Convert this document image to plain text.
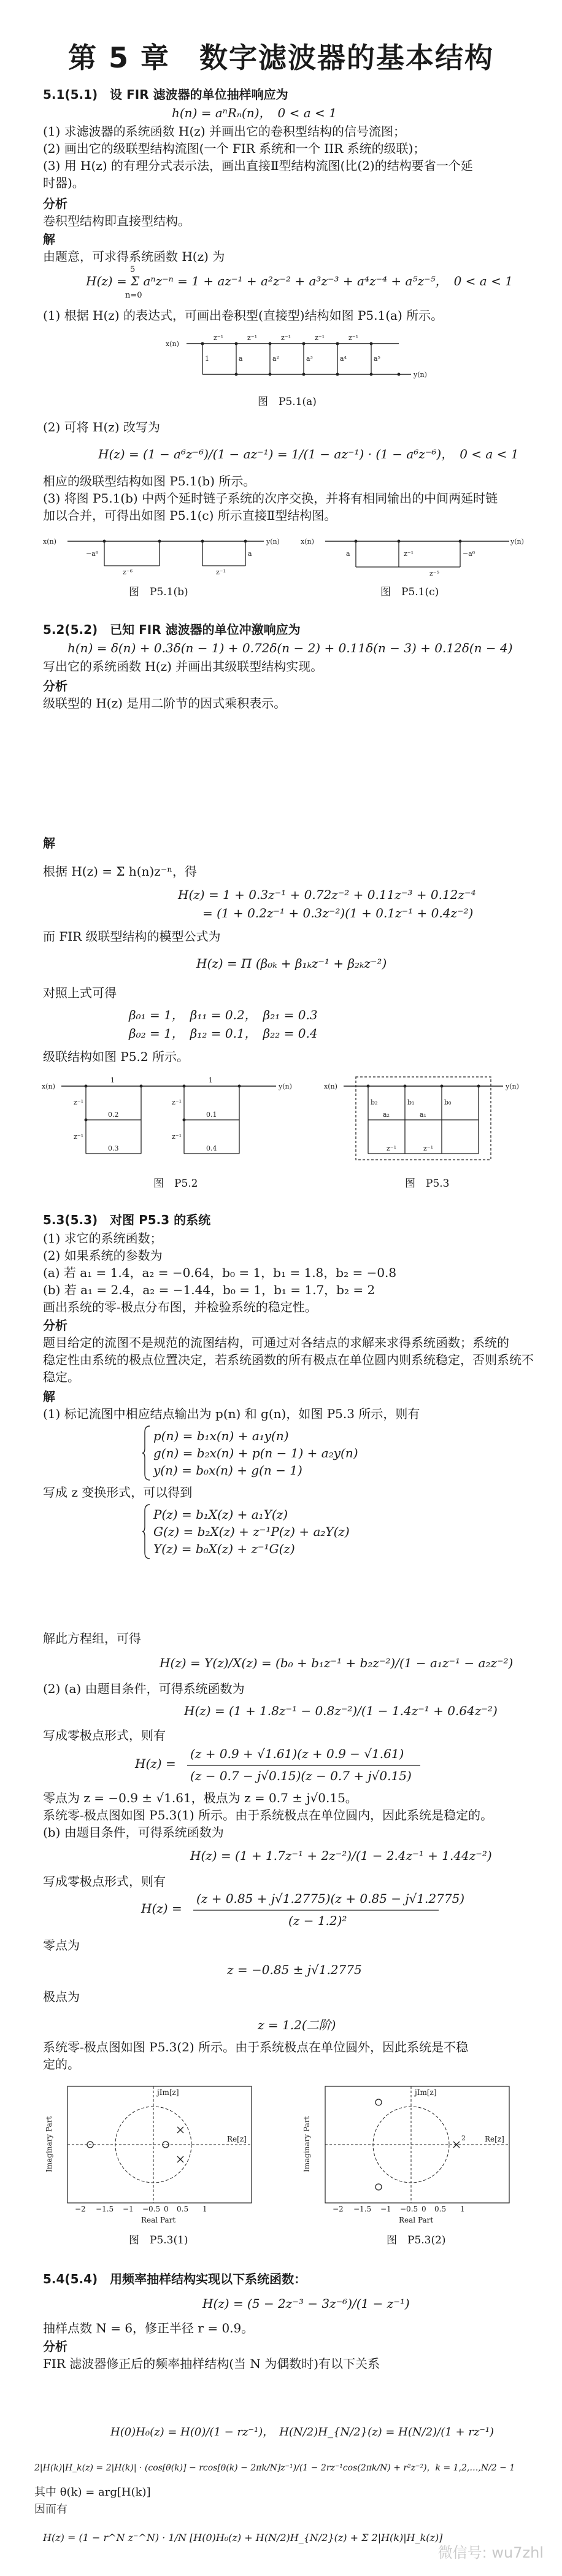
第 5 章　数字滤波器的基本结构
5.1(5.1)　设 FIR 滤波器的单位抽样响应为
h(n) = aⁿRₙ(n)，　0 < a < 1
(1) 求滤波器的系统函数 H(z) 并画出它的卷积型结构的信号流图；
(2) 画出它的级联型结构流图(一个 FIR 系统和一个 IIR 系统的级联)；
(3) 用 H(z) 的有理分式表示法，画出直接Ⅱ型结构流图(比(2)的结构要省一个延
时器)。
分析
卷积型结构即直接型结构。
解
由题意，可求得系统函数 H(z) 为
5
H(z) = Σ aⁿz⁻ⁿ = 1 + az⁻¹ + a²z⁻² + a³z⁻³ + a⁴z⁻⁴ + a⁵z⁻⁵，　0 < a < 1
n=0
(1) 根据 H(z) 的表达式，可画出卷积型(直接型)结构如图 P5.1(a) 所示。
z⁻¹	z⁻¹	z⁻¹	z⁻¹	z⁻¹
1	a	a²	a³	a⁴	a⁵
x(n)
y(n)
图　P5.1(a)
(2) 可将 H(z) 改写为
H(z) = (1 − a⁶z⁻⁶)/(1 − az⁻¹) = 1/(1 − az⁻¹) · (1 − a⁶z⁻⁶)，　0 < a < 1
相应的级联型结构如图 P5.1(b) 所示。
(3) 将图 P5.1(b) 中两个延时链子系统的次序交换，并将有相同输出的中间两延时链
加以合并，可得出如图 P5.1(c) 所示直接Ⅱ型结构图。
x(n)	y(n)
z⁻⁶	z⁻¹
−a⁶	a
x(n)	y(n)
z⁻¹
z⁻⁵
a	−a⁶
图　P5.1(b)	图　P5.1(c)
5.2(5.2)　已知 FIR 滤波器的单位冲激响应为
h(n) = δ(n) + 0.3δ(n − 1) + 0.72δ(n − 2) + 0.11δ(n − 3) + 0.12δ(n − 4)
写出它的系统函数 H(z) 并画出其级联型结构实现。
分析
级联型的 H(z) 是用二阶节的因式乘积表示。
解
根据 H(z) = Σ h(n)z⁻ⁿ，得
H(z) = 1 + 0.3z⁻¹ + 0.72z⁻² + 0.11z⁻³ + 0.12z⁻⁴
= (1 + 0.2z⁻¹ + 0.3z⁻²)(1 + 0.1z⁻¹ + 0.4z⁻²)
而 FIR 级联型结构的模型公式为
H(z) = Π (β₀ₖ + β₁ₖz⁻¹ + β₂ₖz⁻²)
对照上式可得
β₀₁ = 1，　β₁₁ = 0.2，　β₂₁ = 0.3
β₀₂ = 1，　β₁₂ = 0.1，　β₂₂ = 0.4
级联结构如图 P5.2 所示。
x(n)	y(n)
1	1
z⁻¹
z⁻¹
z⁻¹
z⁻¹
0.2
0.3
0.1
0.4
x(n)	y(n)
b₂	b₁	b₀
a₂	a₁
z⁻¹	z⁻¹
图　P5.2	图　P5.3
5.3(5.3)　对图 P5.3 的系统
(1) 求它的系统函数；
(2) 如果系统的参数为
(a) 若 a₁ = 1.4，a₂ = −0.64，b₀ = 1，b₁ = 1.8，b₂ = −0.8
(b) 若 a₁ = 2.4，a₂ = −1.44，b₀ = 1，b₁ = 1.7，b₂ = 2
画出系统的零-极点分布图，并检验系统的稳定性。
分析
题目给定的流图不是规范的流图结构，可通过对各结点的求解来求得系统函数；系统的
稳定性由系统的极点位置决定，若系统函数的所有极点在单位圆内则系统稳定，否则系统不
稳定。
解
(1) 标记流图中相应结点输出为 p(n) 和 g(n)，如图 P5.3 所示，则有
p(n) = b₁x(n) + a₁y(n)
g(n) = b₂x(n) + p(n − 1) + a₂y(n)
y(n) = b₀x(n) + g(n − 1)
写成 z 变换形式，可以得到
P(z) = b₁X(z) + a₁Y(z)
G(z) = b₂X(z) + z⁻¹P(z) + a₂Y(z)
Y(z) = b₀X(z) + z⁻¹G(z)
解此方程组，可得
H(z) = Y(z)/X(z) = (b₀ + b₁z⁻¹ + b₂z⁻²)/(1 − a₁z⁻¹ − a₂z⁻²)
(2) (a) 由题目条件，可得系统函数为
H(z) = (1 + 1.8z⁻¹ − 0.8z⁻²)/(1 − 1.4z⁻¹ + 0.64z⁻²)
写成零极点形式，则有
H(z) =
(z + 0.9 + √1.61)(z + 0.9 − √1.61)
(z − 0.7 − j√0.15)(z − 0.7 + j√0.15)
零点为 z = −0.9 ± √1.61，极点为 z = 0.7 ± j√0.15。
系统零-极点图如图 P5.3(1) 所示。由于系统极点在单位圆内，因此系统是稳定的。
(b) 由题目条件，可得系统函数为
H(z) = (1 + 1.7z⁻¹ + 2z⁻²)/(1 − 2.4z⁻¹ + 1.44z⁻²)
写成零极点形式，则有
H(z) =
(z + 0.85 + j√1.2775)(z + 0.85 − j√1.2775)
(z − 1.2)²
零点为
z = −0.85 ± j√1.2775
极点为
z = 1.2(二阶)
系统零-极点图如图 P5.3(2) 所示。由于系统极点在单位圆外，因此系统是不稳
定的。
−2 −1.5 −1 −0.5 0 0.5 1
jIm[z]
Re[z]
Imaginary Part
Real Part
2
−2 −1.5 −1 −0.5 0 0.5 1
jIm[z]
Re[z]
Imaginary Part
Real Part
图　P5.3(1)	图　P5.3(2)
5.4(5.4)　用频率抽样结构实现以下系统函数：
H(z) = (5 − 2z⁻³ − 3z⁻⁶)/(1 − z⁻¹)
抽样点数 N = 6，修正半径 r = 0.9。
分析
FIR 滤波器修正后的频率抽样结构(当 N 为偶数时)有以下关系
H(0)H₀(z) = H(0)/(1 − rz⁻¹)，　H(N/2)H_{N/2}(z) = H(N/2)/(1 + rz⁻¹)
2|H(k)|H_k(z) = 2|H(k)| · (cos[θ(k)] − rcos[θ(k) − 2πk/N]z⁻¹)/(1 − 2rz⁻¹cos(2πk/N) + r²z⁻²)，k = 1,2,…,N/2 − 1
其中 θ(k) = arg[H(k)]
因而有
H(z) = (1 − r^N z⁻^N) · 1/N [H(0)H₀(z) + H(N/2)H_{N/2}(z) + Σ 2|H(k)|H_k(z)]
微信号: wu7zhl
